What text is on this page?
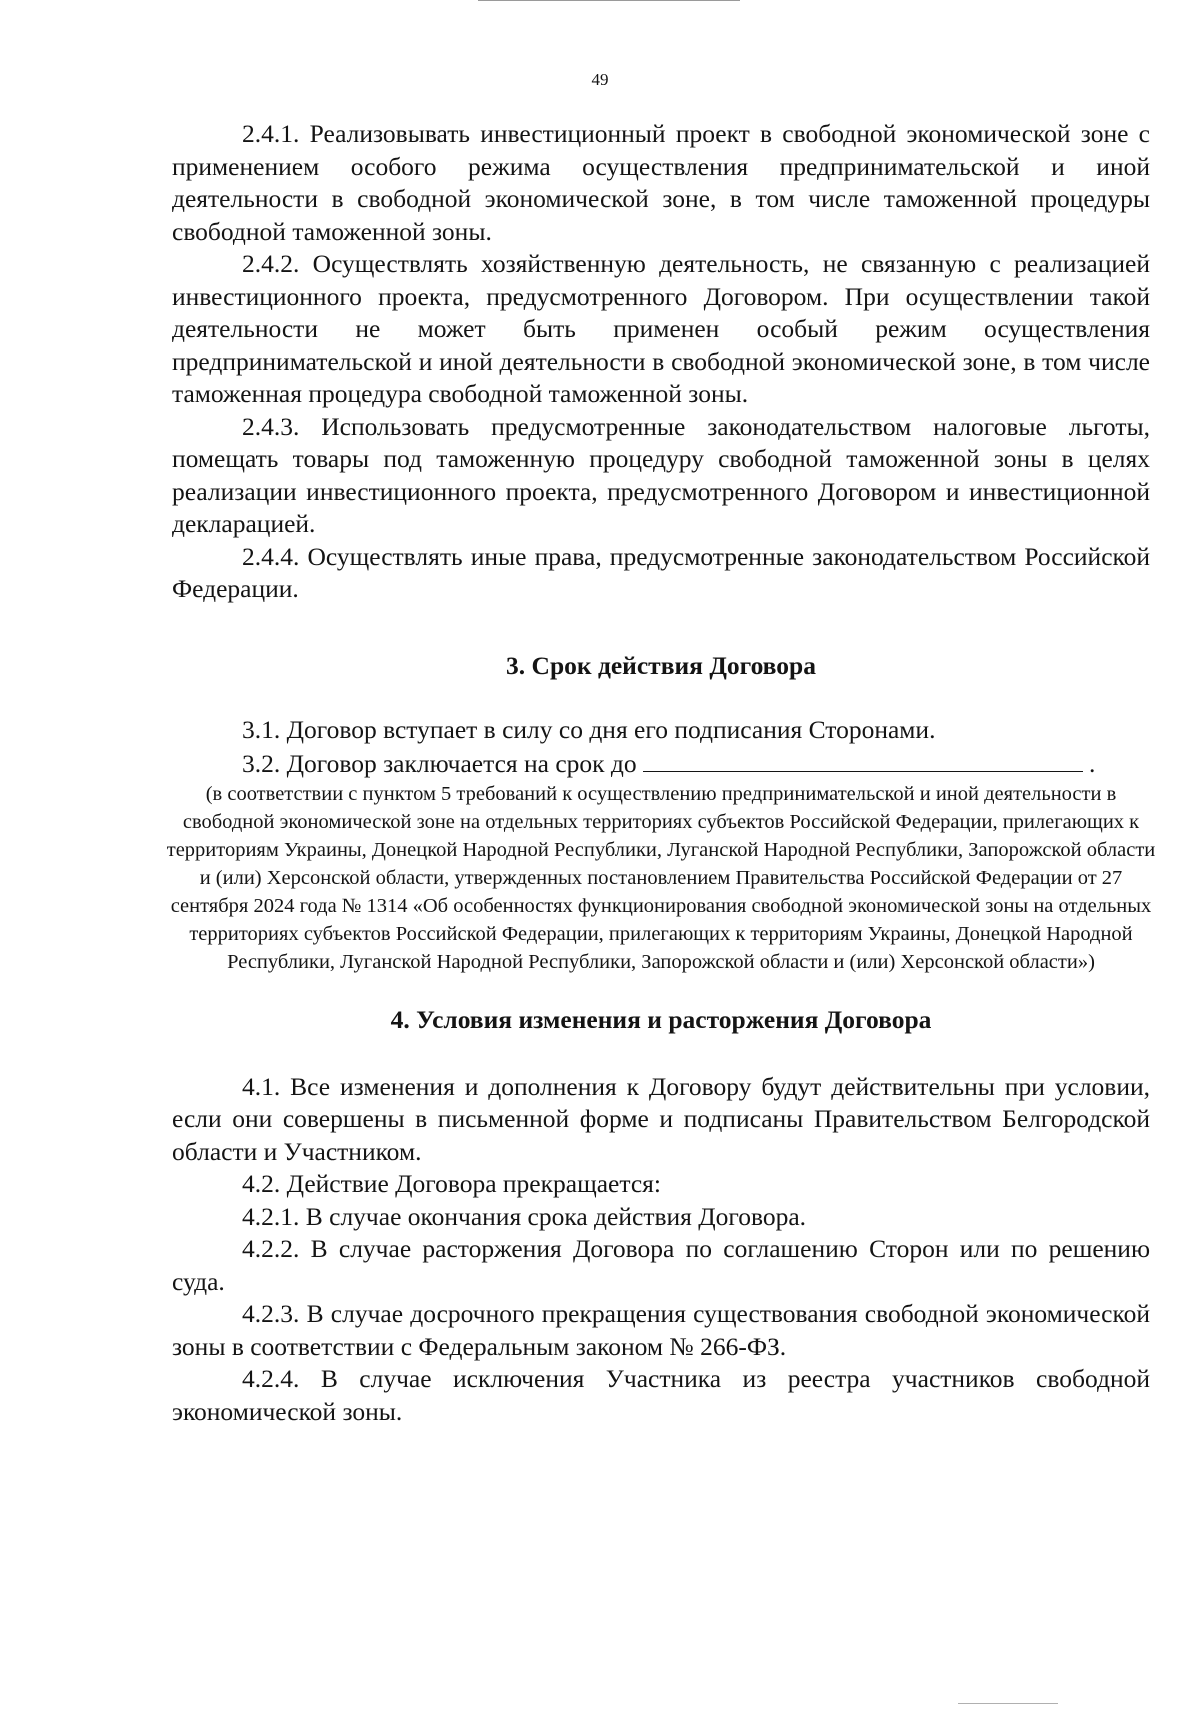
49

2.4.1. Реализовывать инвестиционный проект в свободной экономической зоне с применением особого режима осуществления предпринимательской и иной деятельности в свободной экономической зоне, в том числе таможенной процедуры свободной таможенной зоны.

2.4.2. Осуществлять хозяйственную деятельность, не связанную с реализацией инвестиционного проекта, предусмотренного Договором. При осуществлении такой деятельности не может быть применен особый режим осуществления предпринимательской и иной деятельности в свободной экономической зоне, в том числе таможенная процедура свободной таможенной зоны.

2.4.3. Использовать предусмотренные законодательством налоговые льготы, помещать товары под таможенную процедуру свободной таможенной зоны в целях реализации инвестиционного проекта, предусмотренного Договором и инвестиционной декларацией.

2.4.4. Осуществлять иные права, предусмотренные законодательством Российской Федерации.

3. Срок действия Договора

3.1. Договор вступает в силу со дня его подписания Сторонами.

3.2. Договор заключается на срок до	.

(в соответствии с пунктом 5 требований к осуществлению предпринимательской и иной деятельности в свободной экономической зоне на отдельных территориях субъектов Российской Федерации, прилегающих к территориям Украины, Донецкой Народной Республики, Луганской Народной Республики, Запорожской области и (или) Херсонской области, утвержденных постановлением Правительства Российской Федерации от 27 сентября 2024 года № 1314 «Об особенностях функционирования свободной экономической зоны на отдельных территориях субъектов Российской Федерации, прилегающих к территориям Украины, Донецкой Народной Республики, Луганской Народной Республики, Запорожской области и (или) Херсонской области»)

4. Условия изменения и расторжения Договора

4.1. Все изменения и дополнения к Договору будут действительны при условии, если они совершены в письменной форме и подписаны Правительством Белгородской области и Участником.

4.2. Действие Договора прекращается:

4.2.1. В случае окончания срока действия Договора.

4.2.2. В случае расторжения Договора по соглашению Сторон или по решению суда.

4.2.3. В случае досрочного прекращения существования свободной экономической зоны в соответствии с Федеральным законом № 266-ФЗ.

4.2.4. В случае исключения Участника из реестра участников свободной экономической зоны.
